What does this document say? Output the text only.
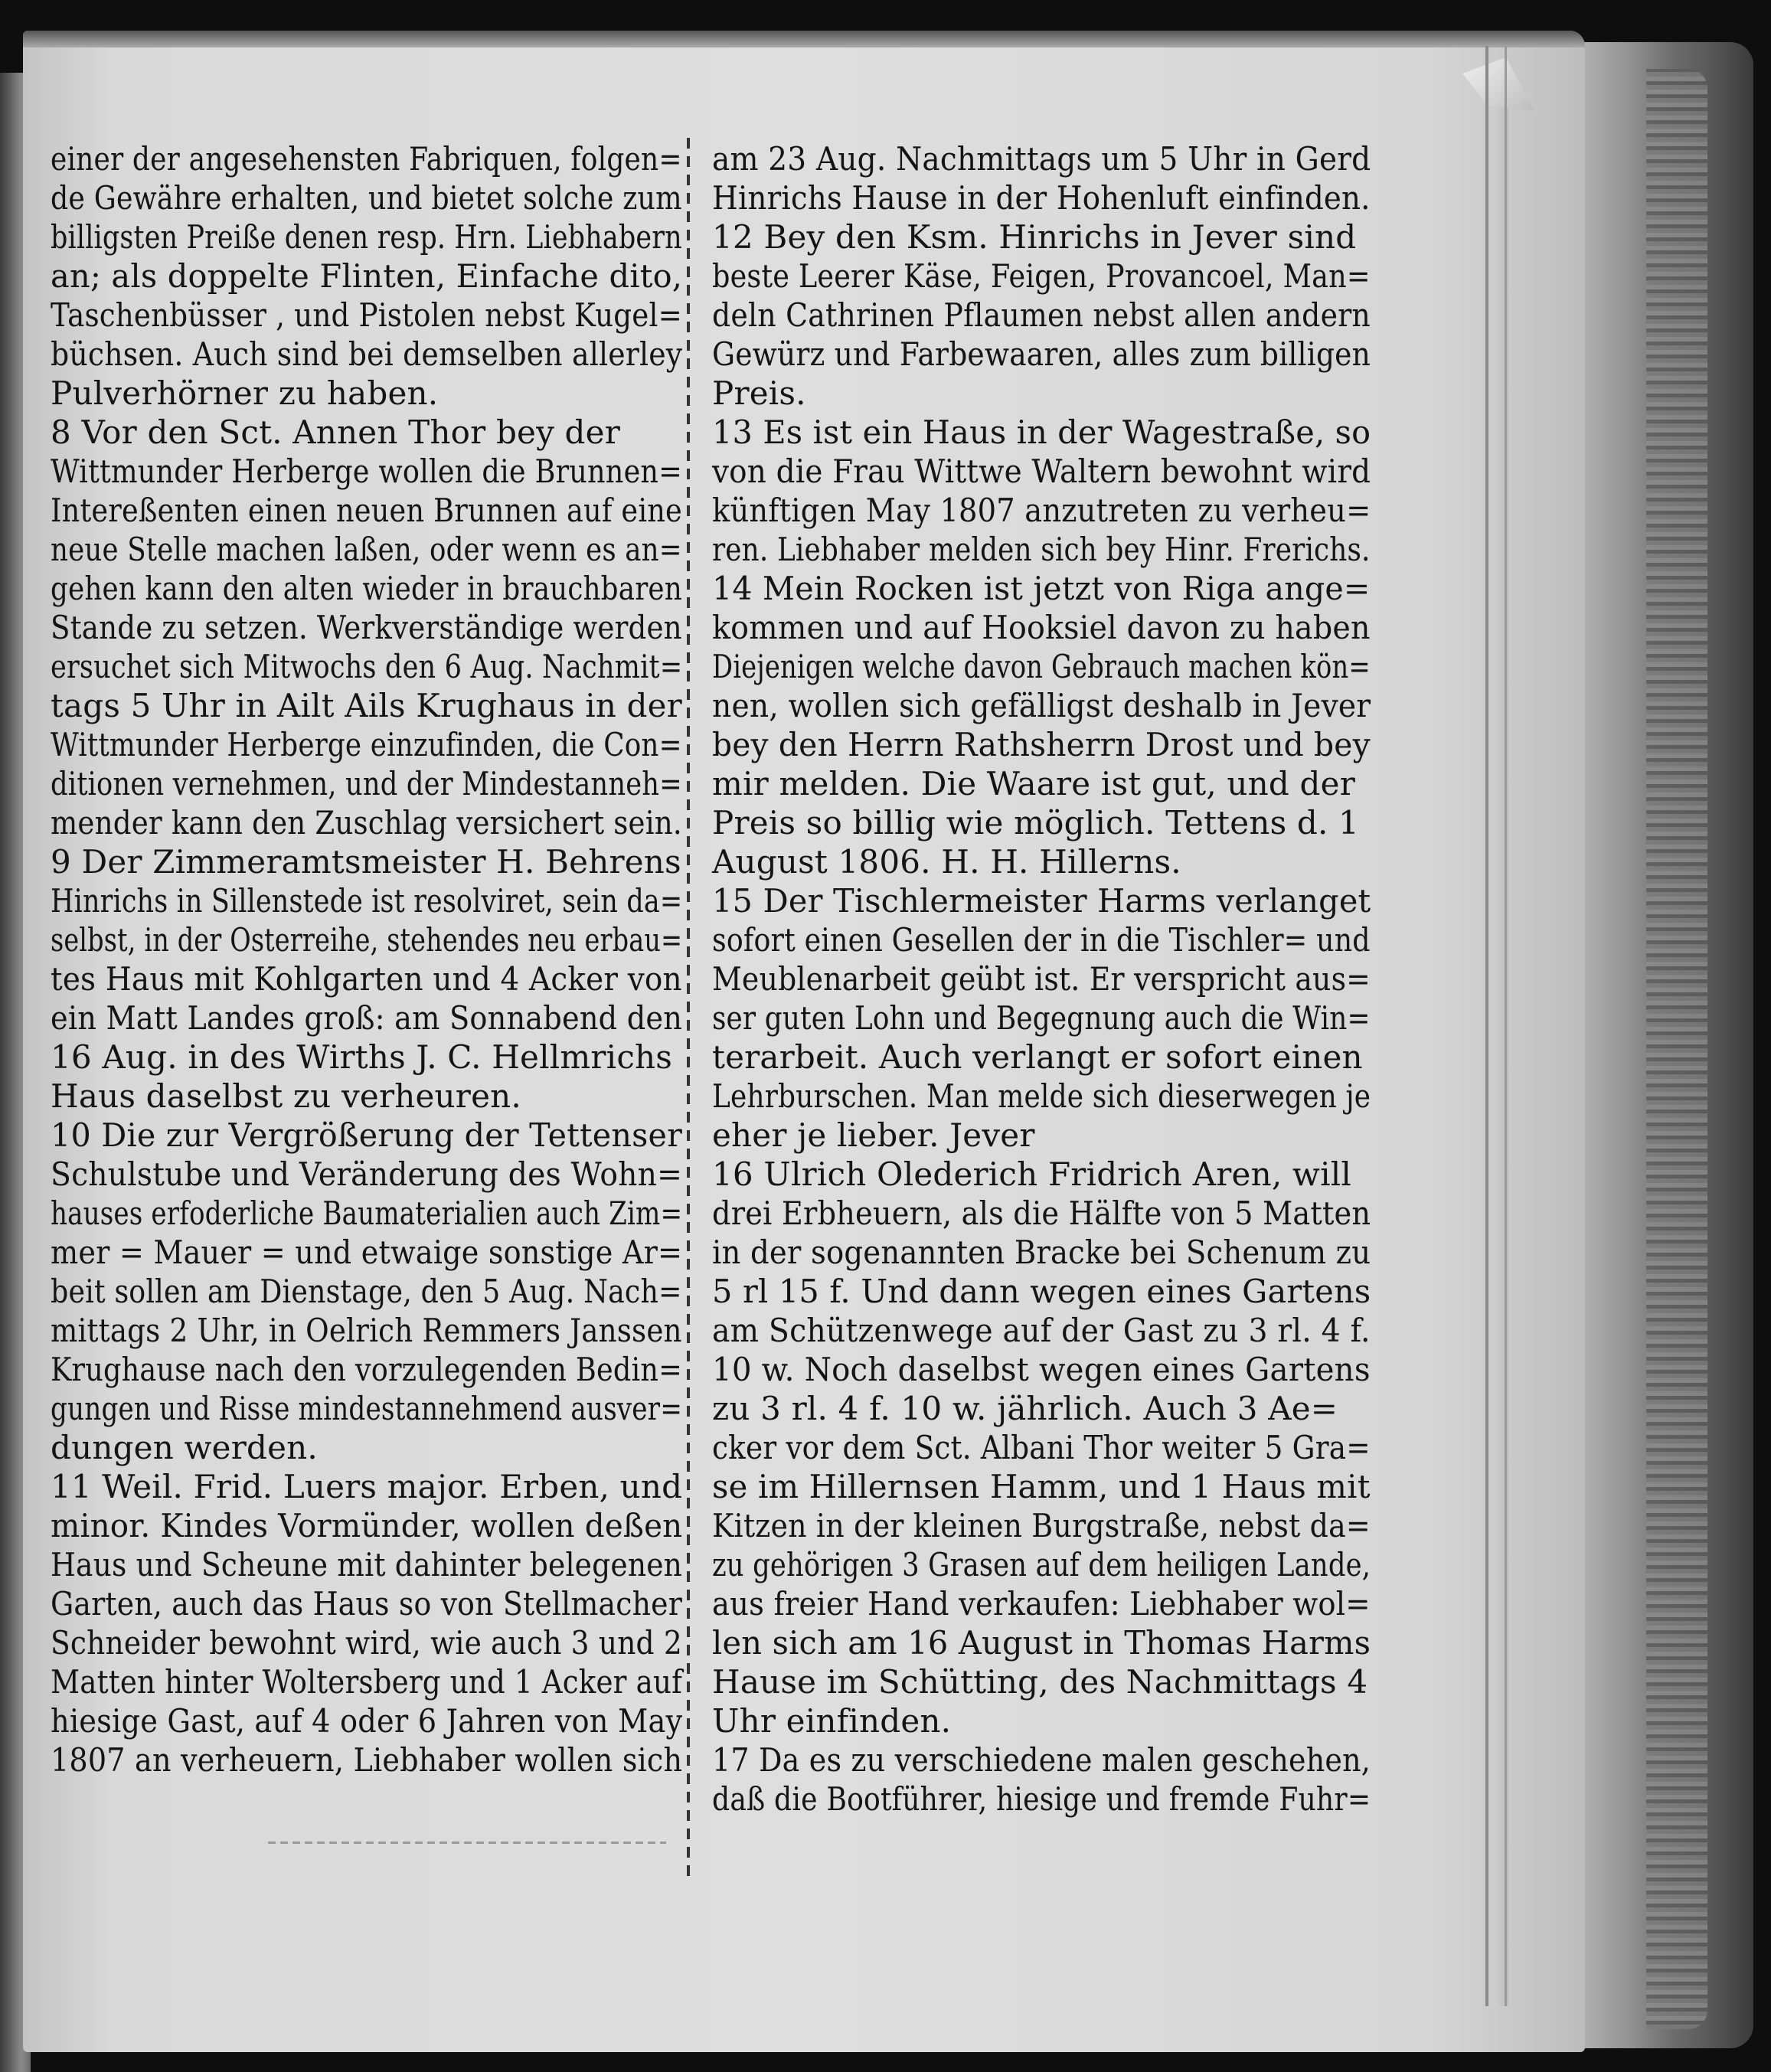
einer der angesehensten Fabriquen, folgen=
de Gewähre erhalten, und bietet solche zum
billigsten Preiße denen resp. Hrn. Liebhabern
an; als doppelte Flinten, Einfache dito,
Taschenbüsser , und Pistolen nebst Kugel=
büchsen. Auch sind bei demselben allerley
Pulverhörner zu haben.
8 Vor den Sct. Annen Thor bey der
Wittmunder Herberge wollen die Brunnen=
Intereßenten einen neuen Brunnen auf eine
neue Stelle machen laßen, oder wenn es an=
gehen kann den alten wieder in brauchbaren
Stande zu setzen. Werkverständige werden
ersuchet sich Mitwochs den 6 Aug. Nachmit=
tags 5 Uhr in Ailt Ails Krughaus in der
Wittmunder Herberge einzufinden, die Con=
ditionen vernehmen, und der Mindestanneh=
mender kann den Zuschlag versichert sein.
9 Der Zimmeramtsmeister H. Behrens
Hinrichs in Sillenstede ist resolviret, sein da=
selbst, in der Osterreihe, stehendes neu erbau=
tes Haus mit Kohlgarten und 4 Acker von
ein Matt Landes groß: am Sonnabend den
16 Aug. in des Wirths J. C. Hellmrichs
Haus daselbst zu verheuren.
10 Die zur Vergrößerung der Tettenser
Schulstube und Veränderung des Wohn=
hauses erfoderliche Baumaterialien auch Zim=
mer = Mauer = und etwaige sonstige Ar=
beit sollen am Dienstage, den 5 Aug. Nach=
mittags 2 Uhr, in Oelrich Remmers Janssen
Krughause nach den vorzulegenden Bedin=
gungen und Risse mindestannehmend ausver=
dungen werden.
11 Weil. Frid. Luers major. Erben, und
minor. Kindes Vormünder, wollen deßen
Haus und Scheune mit dahinter belegenen
Garten, auch das Haus so von Stellmacher
Schneider bewohnt wird, wie auch 3 und 2
Matten hinter Woltersberg und 1 Acker auf
hiesige Gast, auf 4 oder 6 Jahren von May
1807 an verheuern, Liebhaber wollen sich
am 23 Aug. Nachmittags um 5 Uhr in Gerd
Hinrichs Hause in der Hohenluft einfinden.
12 Bey den Ksm. Hinrichs in Jever sind
beste Leerer Käse, Feigen, Provancoel, Man=
deln Cathrinen Pflaumen nebst allen andern
Gewürz und Farbewaaren, alles zum billigen
Preis.
13 Es ist ein Haus in der Wagestraße, so
von die Frau Wittwe Waltern bewohnt wird
künftigen May 1807 anzutreten zu verheu=
ren. Liebhaber melden sich bey Hinr. Frerichs.
14 Mein Rocken ist jetzt von Riga ange=
kommen und auf Hooksiel davon zu haben
Diejenigen welche davon Gebrauch machen kön=
nen, wollen sich gefälligst deshalb in Jever
bey den Herrn Rathsherrn Drost und bey
mir melden. Die Waare ist gut, und der
Preis so billig wie möglich. Tettens d. 1
August 1806. H. H. Hillerns.
15 Der Tischlermeister Harms verlanget
sofort einen Gesellen der in die Tischler= und
Meublenarbeit geübt ist. Er verspricht aus=
ser guten Lohn und Begegnung auch die Win=
terarbeit. Auch verlangt er sofort einen
Lehrburschen. Man melde sich dieserwegen je
eher je lieber. Jever
16 Ulrich Olederich Fridrich Aren, will
drei Erbheuern, als die Hälfte von 5 Matten
in der sogenannten Bracke bei Schenum zu
5 rl 15 f. Und dann wegen eines Gartens
am Schützenwege auf der Gast zu 3 rl. 4 f.
10 w. Noch daselbst wegen eines Gartens
zu 3 rl. 4 f. 10 w. jährlich. Auch 3 Ae=
cker vor dem Sct. Albani Thor weiter 5 Gra=
se im Hillernsen Hamm, und 1 Haus mit
Kitzen in der kleinen Burgstraße, nebst da=
zu gehörigen 3 Grasen auf dem heiligen Lande,
aus freier Hand verkaufen: Liebhaber wol=
len sich am 16 August in Thomas Harms
Hause im Schütting, des Nachmittags 4
Uhr einfinden.
17 Da es zu verschiedene malen geschehen,
daß die Bootführer, hiesige und fremde Fuhr=
